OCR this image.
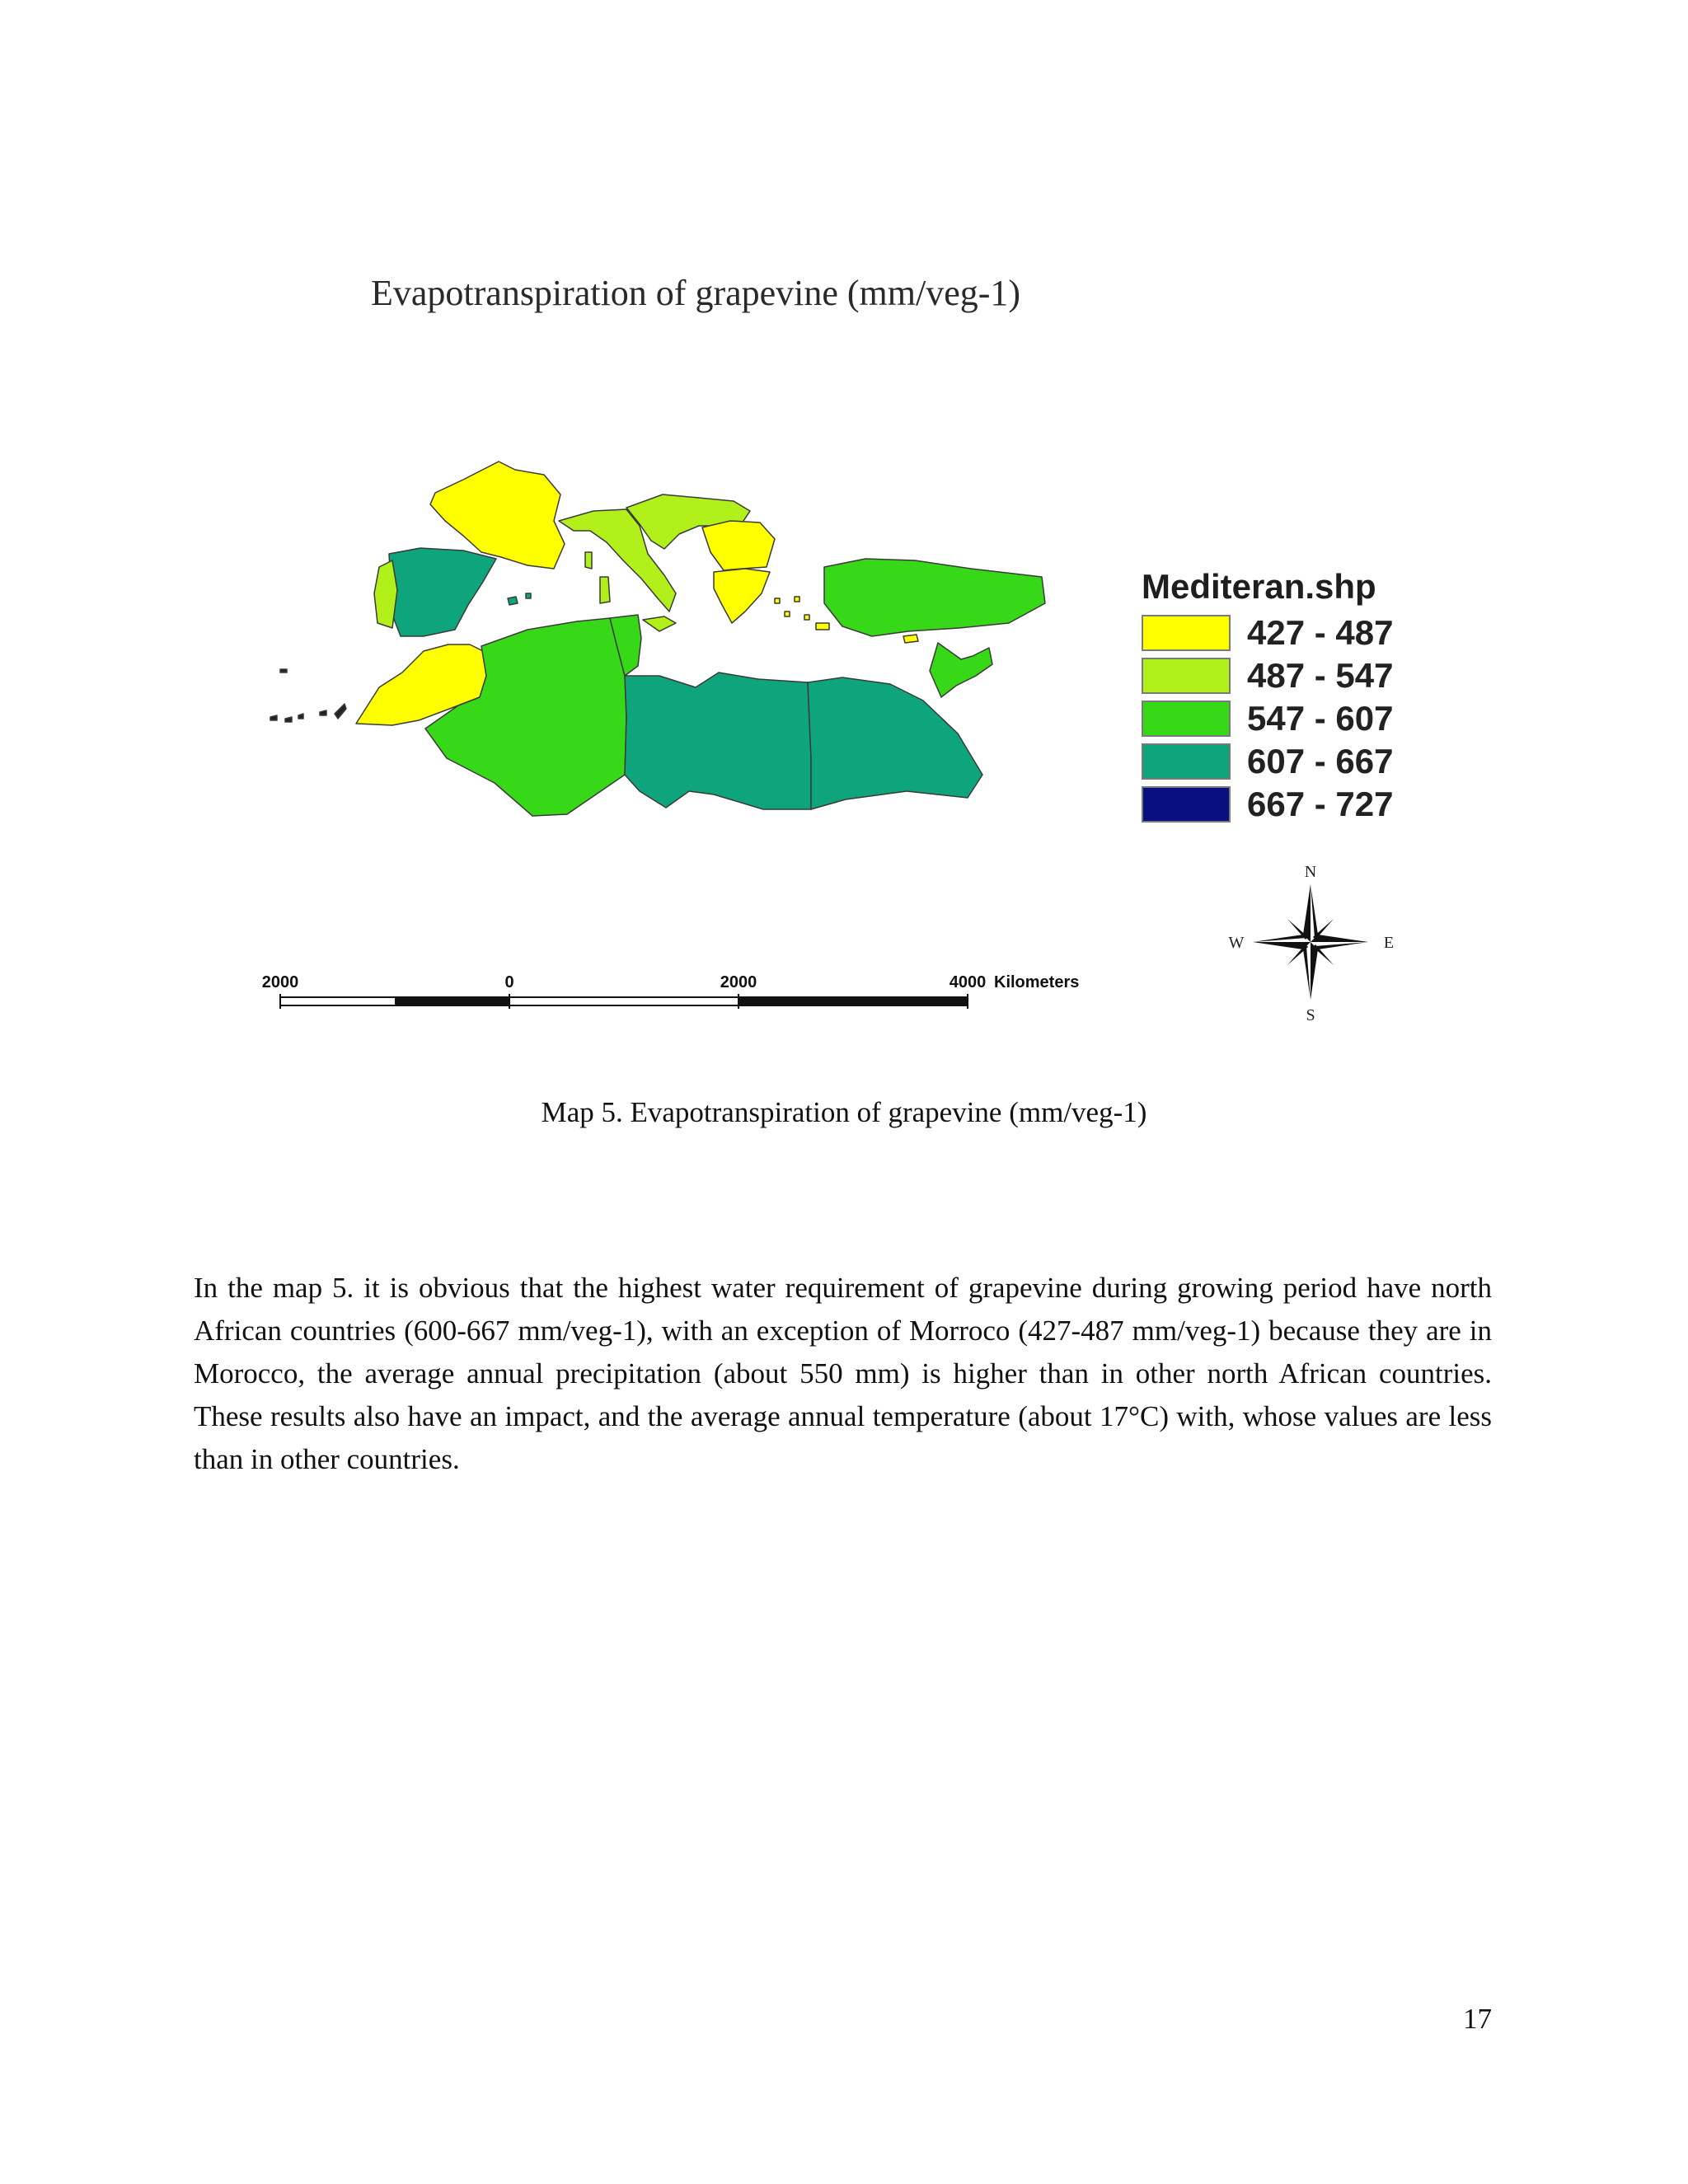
Evapotranspiration of grapevine (mm/veg-1)
Mediteran.shp
427 - 487
487 - 547
547 - 607
607 - 667
667 - 727
N
S
W	E
2000	0	2000	4000 Kilometers
Map 5. Evapotranspiration of grapevine (mm/veg-1)

In the map 5. it is obvious that the highest water requirement of grapevine during growing period have north African countries (600-667 mm/veg-1), with an exception of Morroco (427-487 mm/veg-1) because they are in Morocco, the average annual precipitation (about 550 mm) is higher than in other north African countries. These results also have an impact, and the average annual temperature (about 17°C) with, whose values are less than in other countries.

17
